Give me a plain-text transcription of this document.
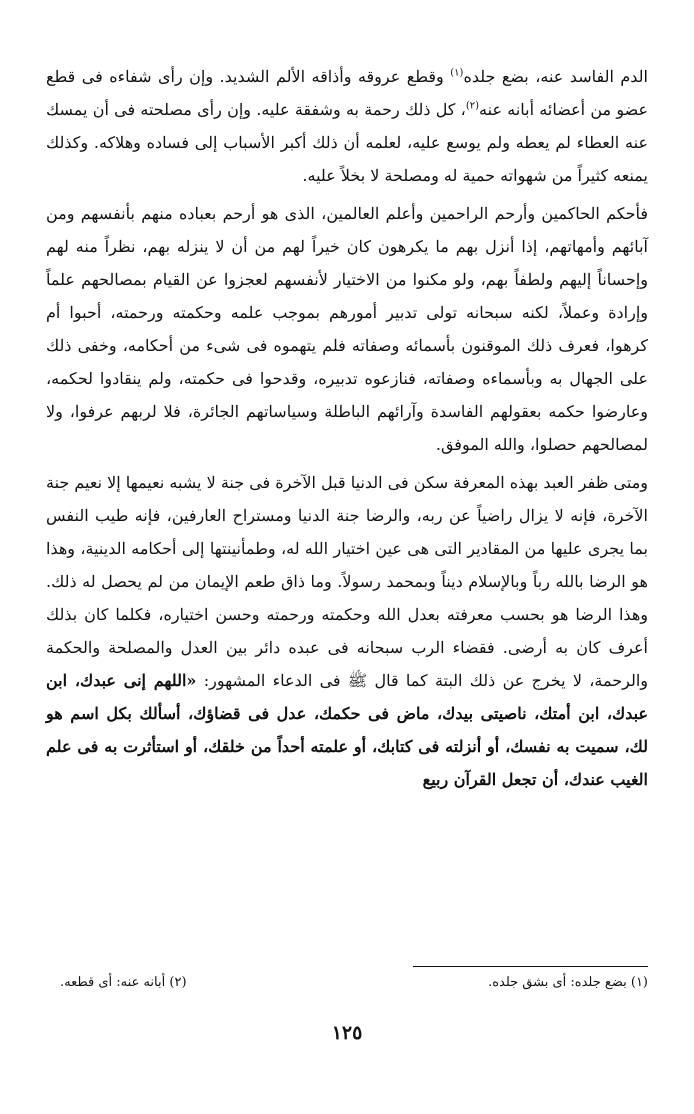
الدم الفاسد عنه، بضع جلده$^{(١)}$ وقطع عروقه وأذاقه الألم الشديد. وإن رأى شفاءه فى قطع عضو من أعضائه أبانه عنه$^{(٢)}$، كل ذلك رحمة به وشفقة عليه. وإن رأى مصلحته فى أن يمسك عنه العطاء لم يعطه ولم يوسع عليه، لعلمه أن ذلك أكبر الأسباب إلى فساده وهلاكه. وكذلك يمنعه كثيراً من شهواته حمية له ومصلحة لا بخلاً عليه.

فأحكم الحاكمين وأرحم الراحمين وأعلم العالمين، الذى هو أرحم بعباده منهم بأنفسهم ومن آبائهم وأمهاتهم، إذا أنزل بهم ما يكرهون كان خيراً لهم من أن لا ينزله بهم، نظراً منه لهم وإحساناً إليهم ولطفاً بهم، ولو مكنوا من الاختيار لأنفسهم لعجزوا عن القيام بمصالحهم علماً وإرادة وعملاً، لكنه سبحانه تولى تدبير أمورهم بموجب علمه وحكمته ورحمته، أحبوا أم كرهوا، فعرف ذلك الموقنون بأسمائه وصفاته فلم يتهموه فى شىء من أحكامه، وخفى ذلك على الجهال به وبأسماءه وصفاته، فنازعوه تدبيره، وقدحوا فى حكمته، ولم ينقادوا لحكمه، وعارضوا حكمه بعقولهم الفاسدة وآرائهم الباطلة وسياساتهم الجائرة، فلا لربهم عرفوا، ولا لمصالحهم حصلوا، والله الموفق.

ومتى ظفر العبد بهذه المعرفة سكن فى الدنيا قبل الآخرة فى جنة لا يشبه نعيمها إلا نعيم جنة الآخرة، فإنه لا يزال راضياً عن ربه، والرضا جنة الدنيا ومستراح العارفين، فإنه طيب النفس بما يجرى عليها من المقادير التى هى عين اختيار الله له، وطمأنينتها إلى أحكامه الدينية، وهذا هو الرضا بالله رباً وبالإسلام ديناً وبمحمد رسولاً. وما ذاق طعم الإيمان من لم يحصل له ذلك. وهذا الرضا هو بحسب معرفته بعدل الله وحكمته ورحمته وحسن اختياره، فكلما كان بذلك أعرف كان به أرضى. فقضاء الرب سبحانه فى عبده دائر بين العدل والمصلحة والحكمة والرحمة، لا يخرج عن ذلك البتة كما قال ﷺ فى الدعاء المشهور: «اللهم إنى عبدك، ابن عبدك، ابن أمتك، ناصيتى بيدك، ماض فى حكمك، عدل فى قضاؤك، أسألك بكل اسم هو لك، سميت به نفسك، أو أنزلته فى كتابك، أو علمته أحداً من خلقك، أو استأثرت به فى علم الغيب عندك، أن تجعل القرآن ربيع

(١) بضع جلده: أى بشق جلده.
(٢) أبانه عنه: أى قطعه.
١٢٥
